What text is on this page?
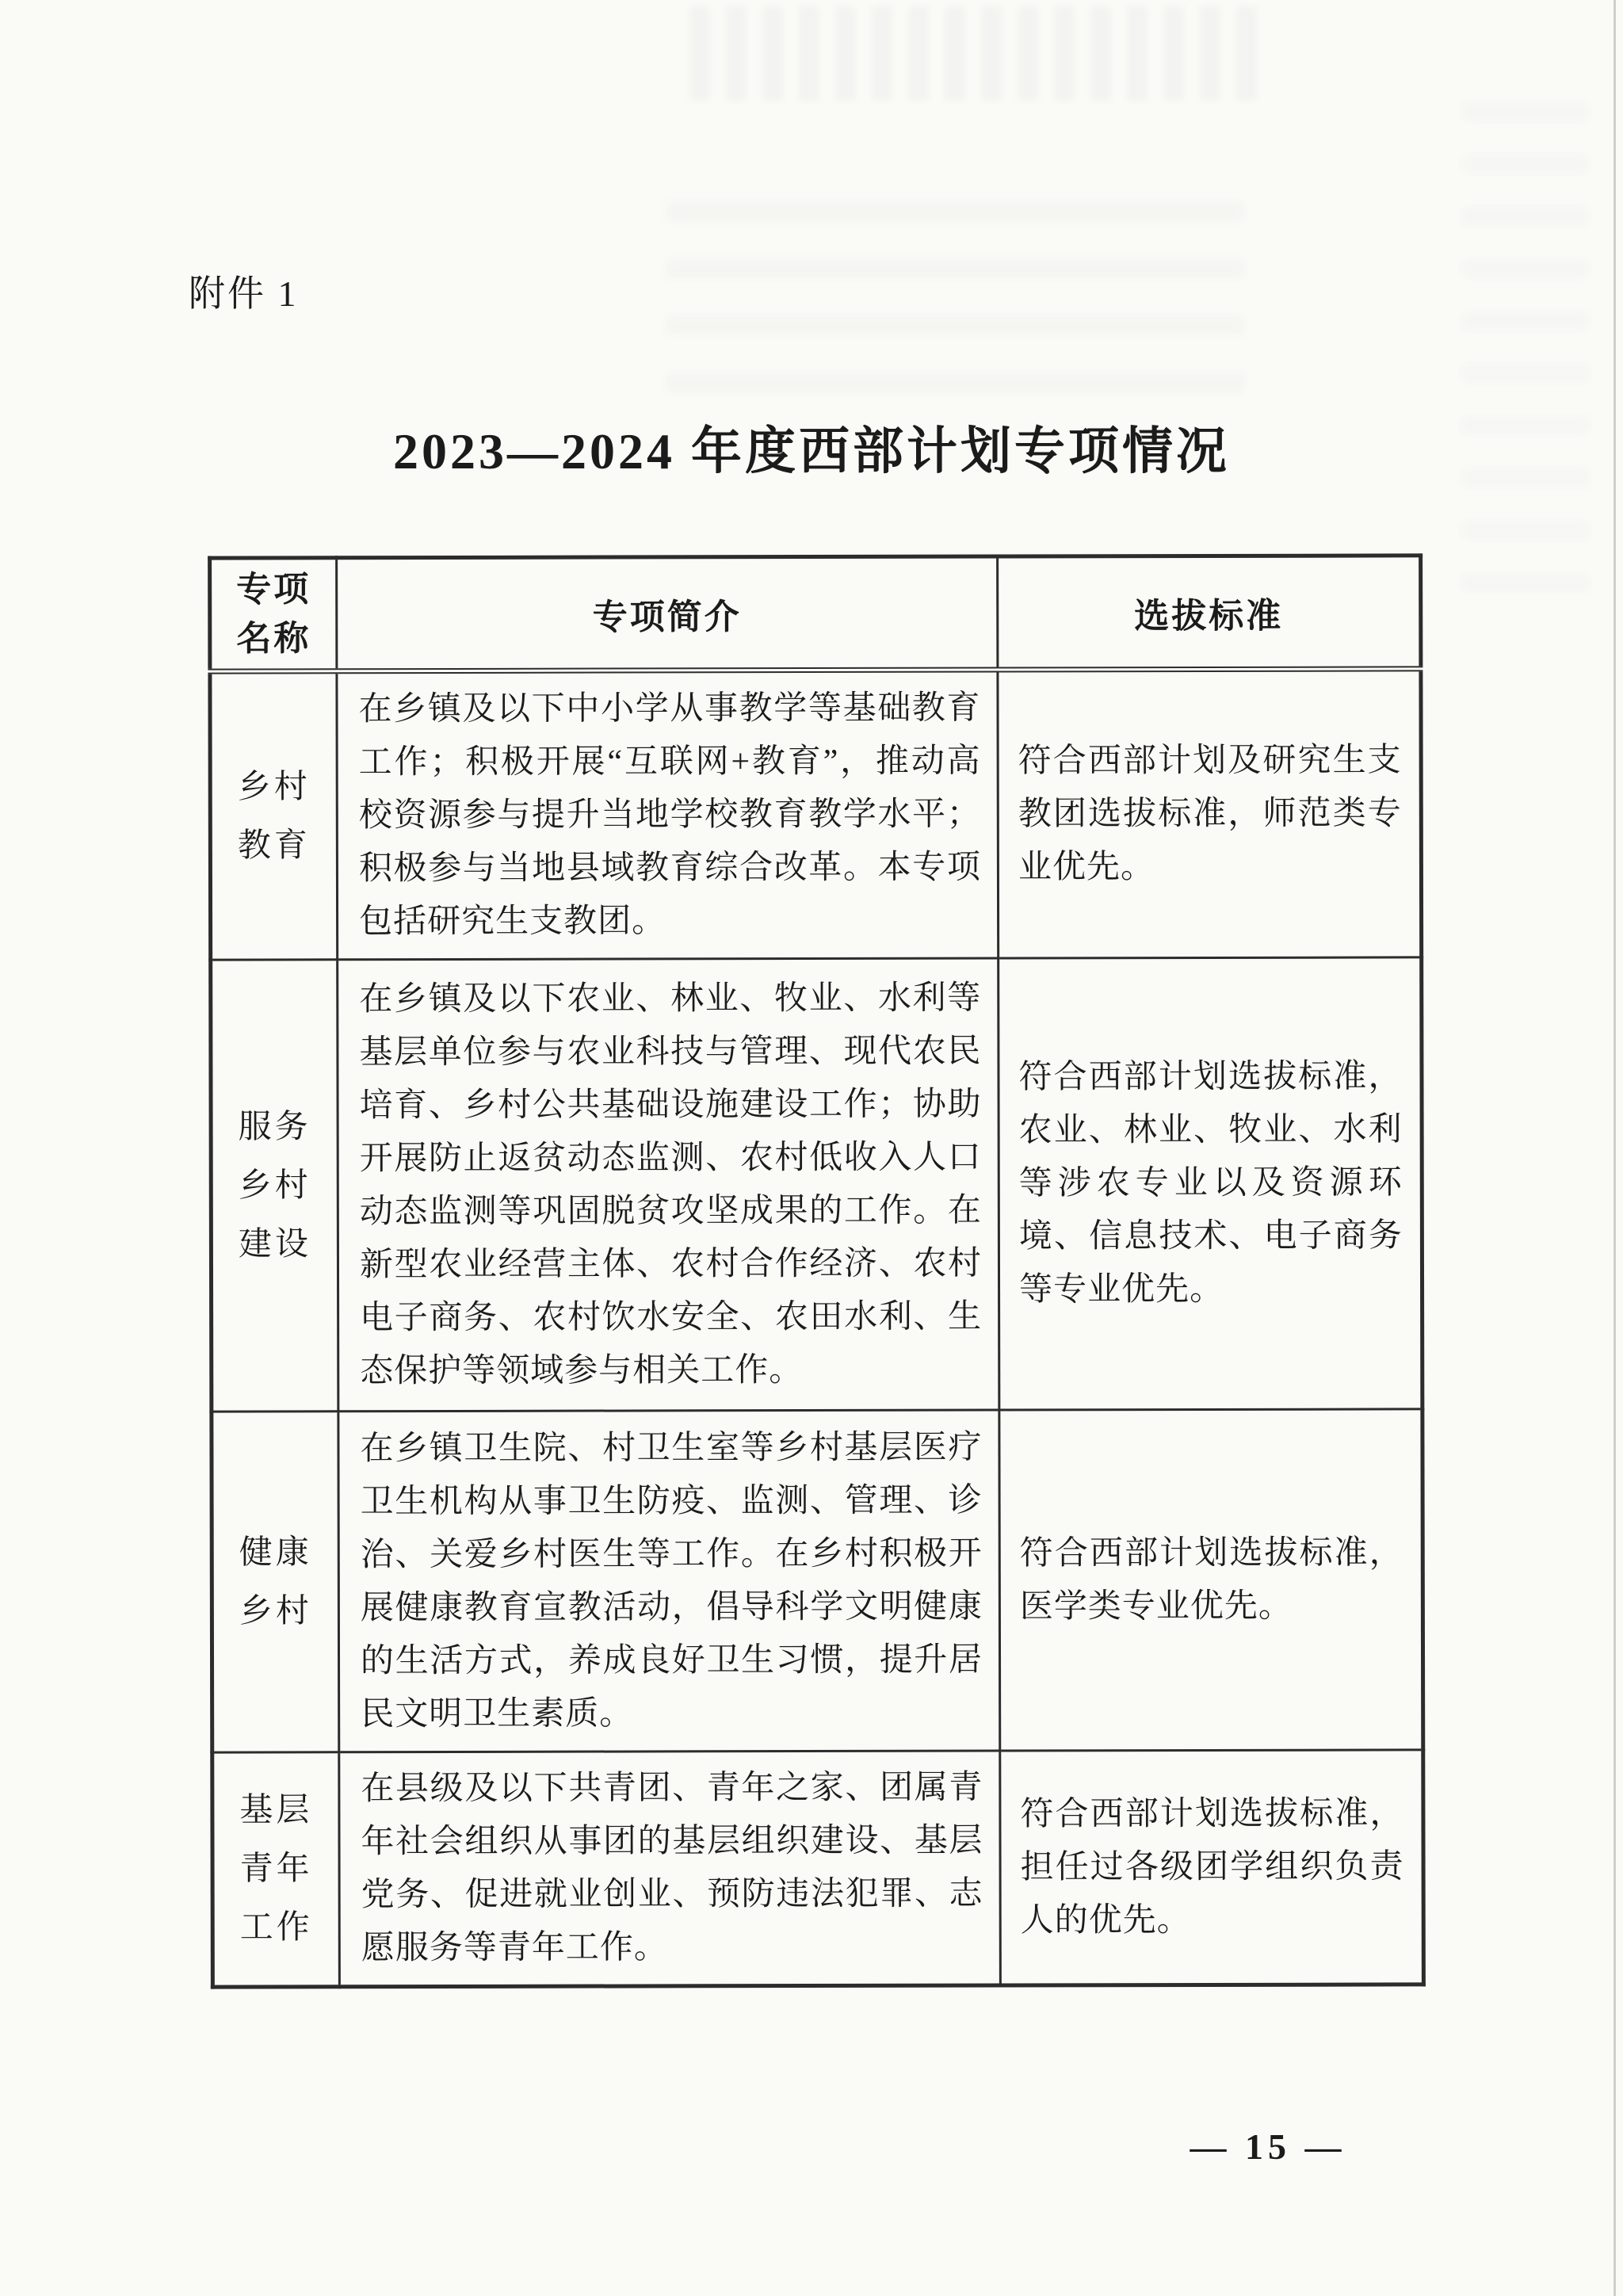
附件 1
2023—2024 年度西部计划专项情况
专项名称	专项简介	选拔标准
乡村教育	在乡镇及以下中小学从事教学等基础教育工作；积极开展“互联网+教育”，推动高校资源参与提升当地学校教育教学水平；积极参与当地县域教育综合改革。本专项包括研究生支教团。	符合西部计划及研究生支教团选拔标准，师范类专业优先。
服务乡村建设	在乡镇及以下农业、林业、牧业、水利等基层单位参与农业科技与管理、现代农民培育、乡村公共基础设施建设工作；协助开展防止返贫动态监测、农村低收入人口动态监测等巩固脱贫攻坚成果的工作。在新型农业经营主体、农村合作经济、农村电子商务、农村饮水安全、农田水利、生态保护等领域参与相关工作。	符合西部计划选拔标准，农业、林业、牧业、水利等涉农专业以及资源环境、信息技术、电子商务等专业优先。
健康乡村	在乡镇卫生院、村卫生室等乡村基层医疗卫生机构从事卫生防疫、监测、管理、诊治、关爱乡村医生等工作。在乡村积极开展健康教育宣教活动，倡导科学文明健康的生活方式，养成良好卫生习惯，提升居民文明卫生素质。	符合西部计划选拔标准，医学类专业优先。
基层青年工作	在县级及以下共青团、青年之家、团属青年社会组织从事团的基层组织建设、基层党务、促进就业创业、预防违法犯罪、志愿服务等青年工作。	符合西部计划选拔标准，担任过各级团学组织负责人的优先。
— 15 —
